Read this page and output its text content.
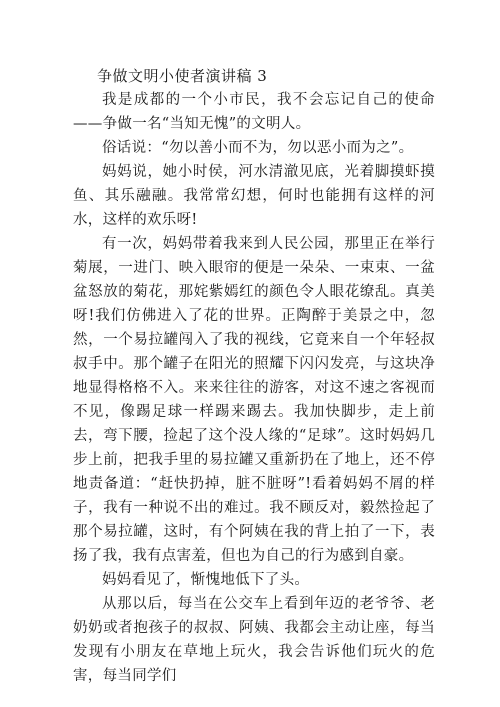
争做文明小使者演讲稿 3

我是成都的一个小市民，我不会忘记自己的使命——争做一名“当知无愧”的文明人。

俗话说：“勿以善小而不为，勿以恶小而为之”。

妈妈说，她小时侯，河水清澈见底，光着脚摸虾摸鱼、其乐融融。我常常幻想，何时也能拥有这样的河水，这样的欢乐呀!

有一次，妈妈带着我来到人民公园，那里正在举行菊展，一进门、映入眼帘的便是一朵朵、一束束、一盆盆怒放的菊花，那姹紫嫣红的颜色令人眼花缭乱。真美呀!我们仿佛进入了花的世界。正陶醉于美景之中，忽然，一个易拉罐闯入了我的视线，它竟来自一个年轻叔叔手中。那个罐子在阳光的照耀下闪闪发亮，与这块净地显得格格不入。来来往往的游客，对这不速之客视而不见，像踢足球一样踢来踢去。我加快脚步，走上前去，弯下腰，捡起了这个没人缘的“足球”。这时妈妈几步上前，把我手里的易拉罐又重新扔在了地上，还不停地责备道：“赶快扔掉，脏不脏呀”!看着妈妈不屑的样子，我有一种说不出的难过。我不顾反对，毅然捡起了那个易拉罐，这时，有个阿姨在我的背上拍了一下，表扬了我，我有点害羞，但也为自己的行为感到自豪。

妈妈看见了，惭愧地低下了头。

从那以后，每当在公交车上看到年迈的老爷爷、老奶奶或者抱孩子的叔叔、阿姨、我都会主动让座，每当发现有小朋友在草地上玩火，我会告诉他们玩火的危害，每当同学们
